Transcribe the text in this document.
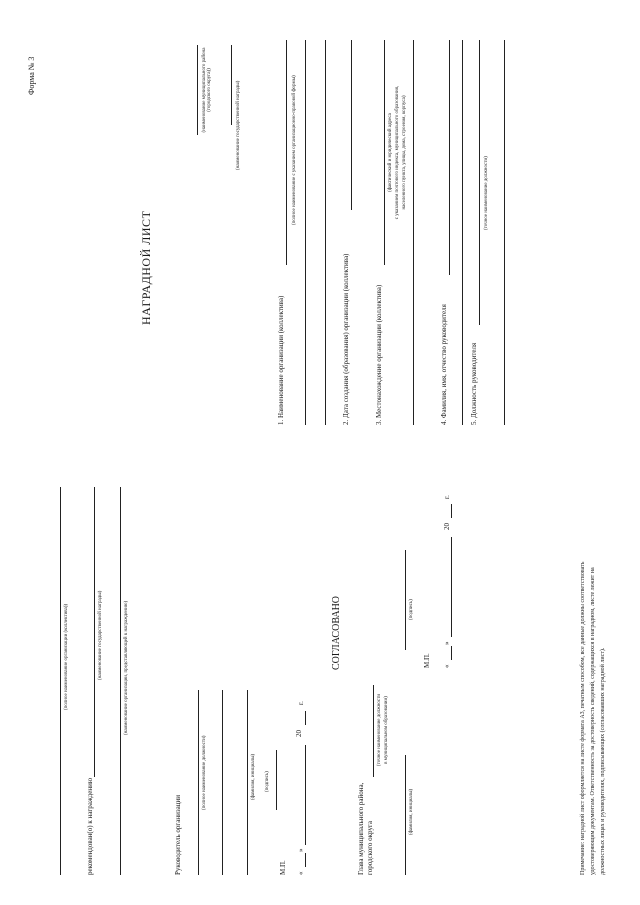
Форма № 3	(наименование муниципального района (городского округа))	(наименование государственной награды)
НАГРАДНОЙ ЛИСТ
1. Наименование организации (коллектива)
(полное наименование с указанием организационно-правовой формы)
2. Дата создания (образования) организации (коллектива)	3. Местонахождение организации (коллектива)
(фактический и юридический адреса с указанием почтового индекса, муниципального образования, населенного пункта, улицы, дома, строения, корпуса)
4. Фамилия, имя, отчество руководителя	5. Должность руководителя
(точное наименование должности)
(полное наименование организации (коллектива))
рекомендован(о) к награждению
(наименование государственной награды)	(наименование организации, представляющей к награждению)
Руководитель организации
(полное наименование должности)	(фамилия, инициалы)
М.П.
(подпись)
«
»
20
г.
СОГЛАСОВАНО
Глава муниципального района, городского округа
(точное наименование должности в муниципальном образовании)
(фамилия, инициалы)
(подпись)
М.П. «
»
20
г.
Примечание: наградной лист оформляется на листе формата А3, печатным способом, все данные должны соответствовать удостоверяющим документам. Ответственность за достоверность сведений, содержащихся в наградном, листе лежит на должностных лицах и руководителях, подписывающих (согласовавших наградной лист).
